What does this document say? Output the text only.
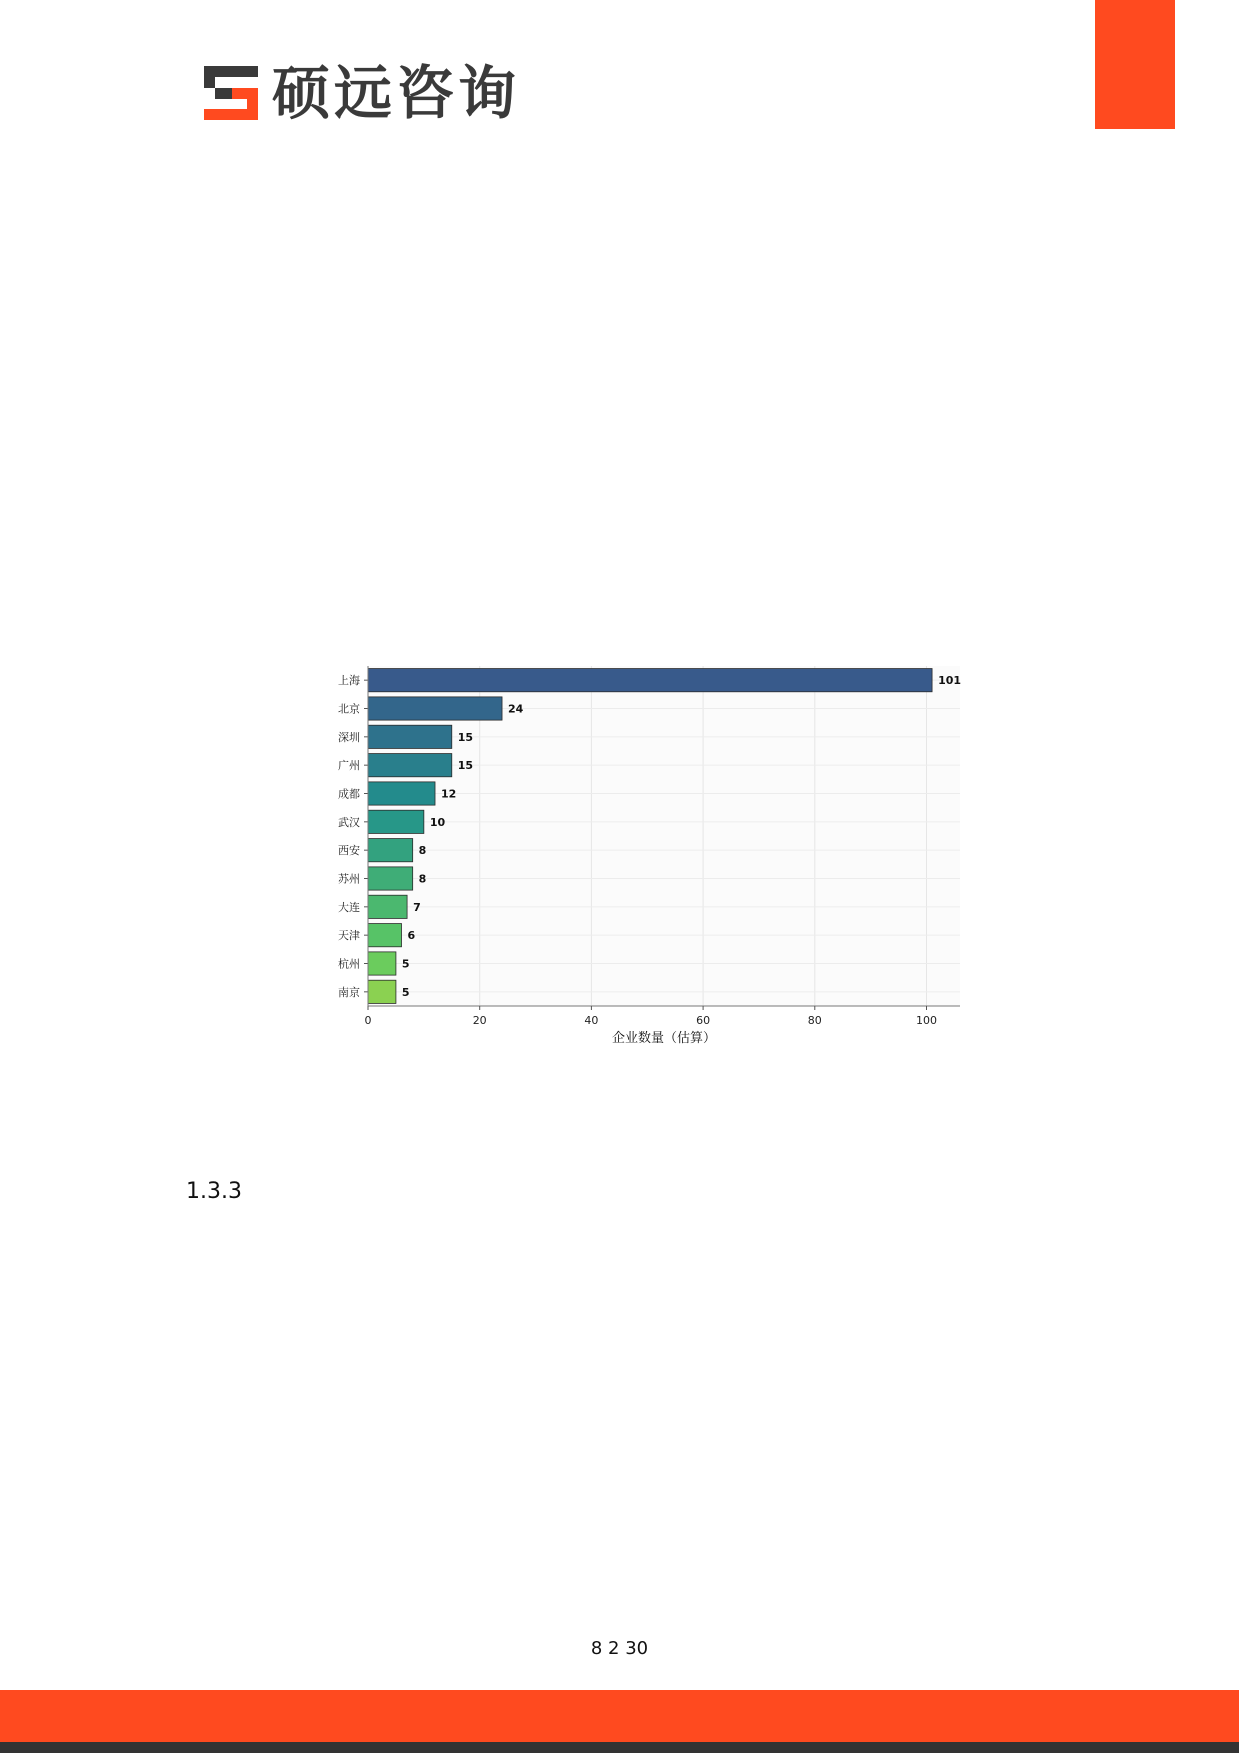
硕远咨询
101
上海
24
北京
15
深圳
15
广州
12
成都
10
武汉
8
西安
8
苏州
7
大连
6
天津
5
杭州
5
南京
0	20	40	60	80	100
企业数量（估算）
1.3.3
8 2 30
